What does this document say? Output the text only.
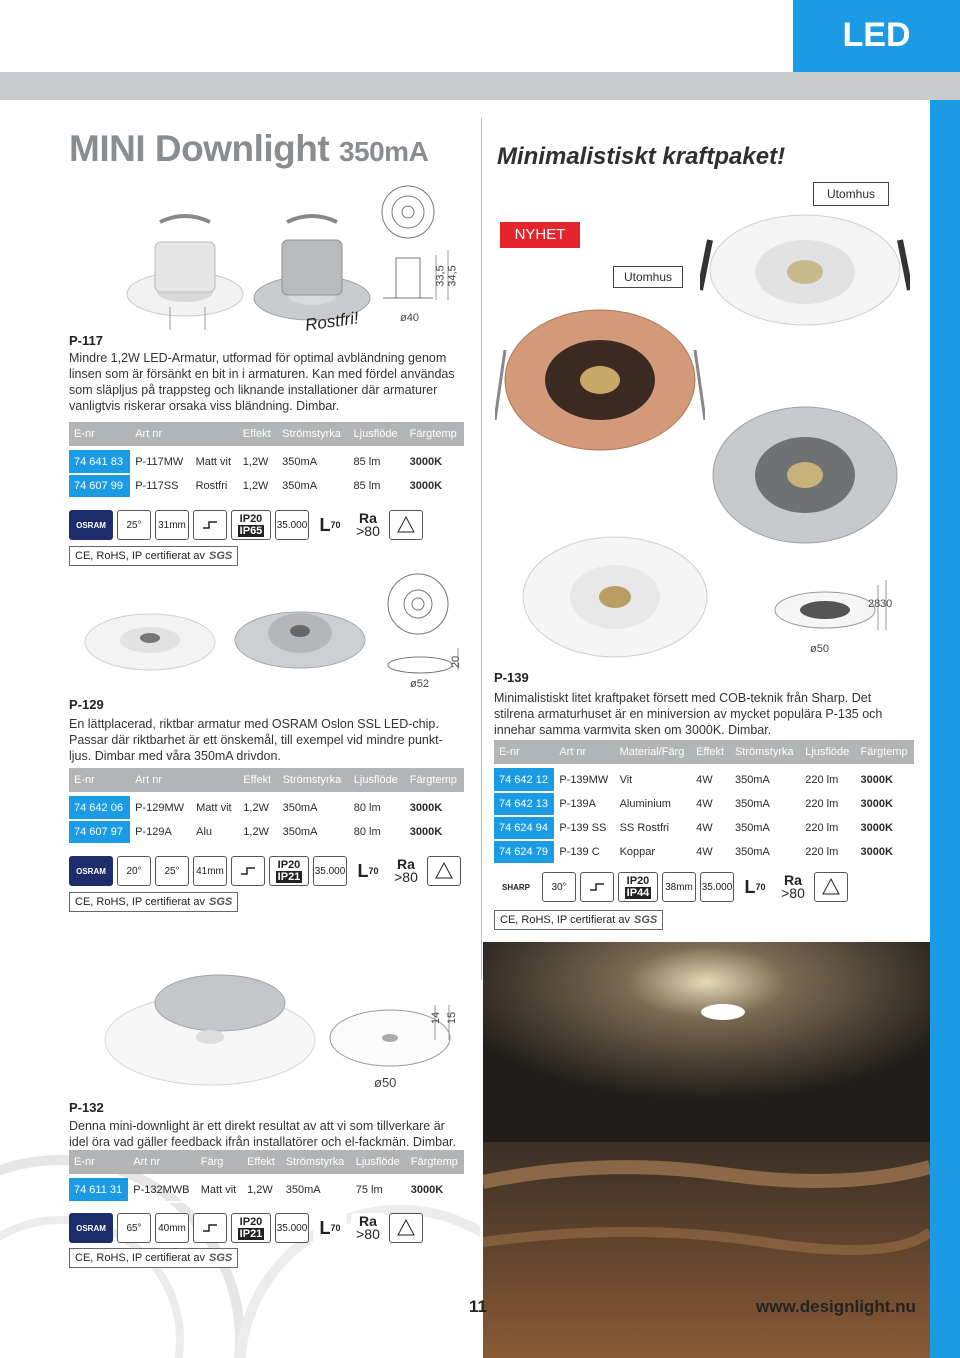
LED
MINI Downlight 350mA	Minimalistiskt kraftpaket!
Utomhus
NYHET
Utomhus
Rostfri!	ø40
33,5 34,5
P-117
Mindre 1,2W LED-Armatur, utformad för optimal avbländning genom linsen som är försänkt en bit in i armaturen. Kan med fördel användas som släpljus på trappsteg och liknande installationer där armaturer vanligtvis riskerar orsaka viss bländning. Dimbar.
E-nr	Art nr		Effekt	Strömstyrka	Ljusflöde	Färgtemp

74 641 83	P-117MW	Matt vit	1,2W	350mA	85 lm	3000K
74 607 99	P-117SS	Rostfri	1,2W	350mA	85 lm	3000K
OSRAM	25°	31mm	IP20
IP65 35.000 L 70 Ra
>80
CE, RoHS, IP certifierat av SGS
ø50
28 30
ø52
20
P-129
En lättplacerad, riktbar armatur med OSRAM Oslon SSL LED-chip. Passar där riktbarhet är ett önskemål, till exempel vid mindre punkt-ljus. Dimbar med våra 350mA drivdon.
E-nr	Art nr		Effekt	Strömstyrka	Ljusflöde	Färgtemp

74 642 06	P-129MW	Matt vit	1,2W	350mA	80 lm	3000K
74 607 97	P-129A	Alu	1,2W	350mA	80 lm	3000K
OSRAM	20°	25°	41mm	IP20
IP21 35.000 L 70 Ra
>80
CE, RoHS, IP certifierat av SGS
P-139
Minimalistiskt litet kraftpaket försett med COB-teknik från Sharp. Det stilrena armaturhuset är en miniversion av mycket populära P-135 och innehar samma varmvita sken om 3000K. Dimbar.
E-nr	Art nr	Material/Färg	Effekt	Strömstyrka	Ljusflöde	Färgtemp

74 642 12	P-139MW	Vit	4W	350mA	220 lm	3000K
74 642 13	P-139A	Aluminium	4W	350mA	220 lm	3000K
74 624 94	P-139 SS	SS Rostfri	4W	350mA	220 lm	3000K
74 624 79	P-139 C	Koppar	4W	350mA	220 lm	3000K
SHARP	30°	IP20
IP44	38mm 35.000 L 70 Ra
>80
CE, RoHS, IP certifierat av SGS
ø50
14 15
P-132
Denna mini-downlight är ett direkt resultat av att vi som tillverkare är idel öra vad gäller feedback ifrån installatörer och el-fackmän. Dimbar.
E-nr	Art nr	Färg	Effekt	Strömstyrka	Ljusflöde	Färgtemp

74 611 31	P-132MWB	Matt vit	1,2W	350mA	75 lm	3000K
OSRAM	65°	40mm	IP20
IP21 35.000 L 70 Ra
>80
CE, RoHS, IP certifierat av SGS
11	www.designlight.nu
